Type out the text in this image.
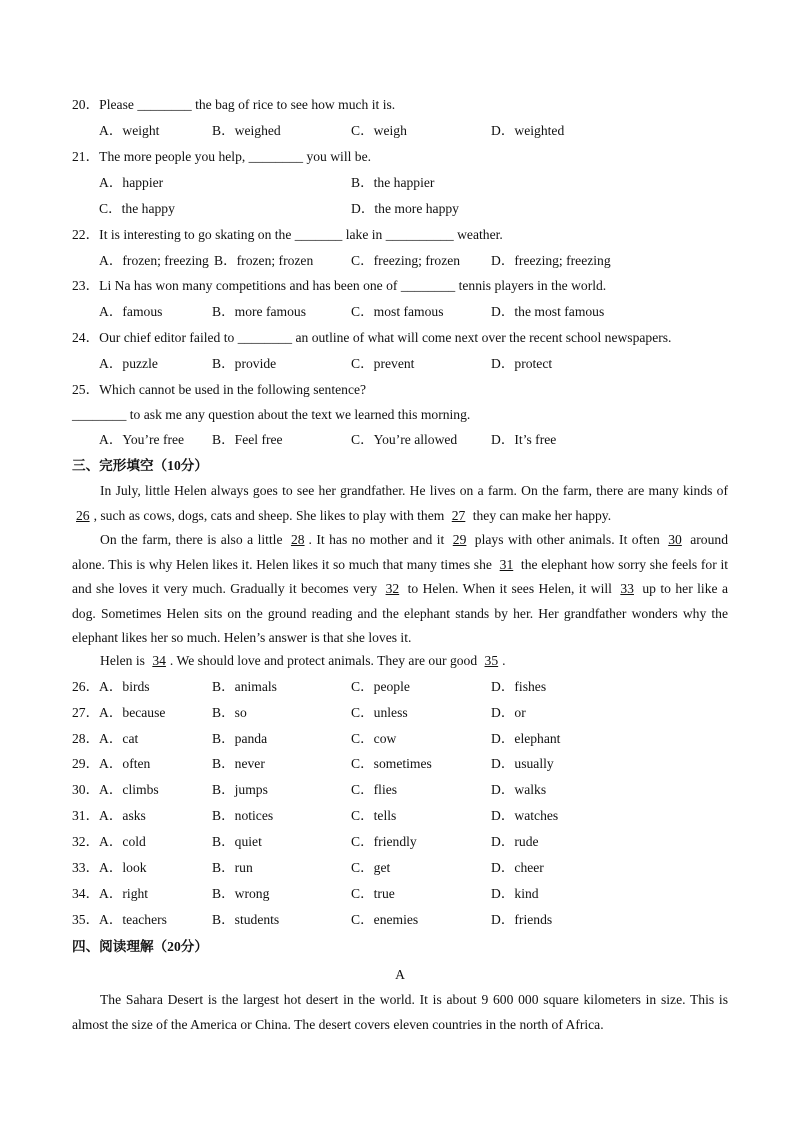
20．Please ________ the bag of rice to see how much it is.
A．weight	B．weighed	C．weigh	D．weighted
21．The more people you help, ________ you will be.
A．happier	B．the happier
C．the happy	D．the more happy
22．It is interesting to go skating on the _______ lake in __________ weather.
A．frozen; freezing B．frozen; frozen	C．freezing; frozen D．freezing; freezing
23．Li Na has won many competitions and has been one of ________ tennis players in the world.
A．famous	B．more famous	C．most famous	D．the most famous
24．Our chief editor failed to ________ an outline of what will come next over the recent school newspapers.
A．puzzle	B．provide	C．prevent	D．protect
25．Which cannot be used in the following sentence?
________ to ask me any question about the text we learned this morning.
A．You’re free B．Feel free	C．You’re allowed D．It’s free
三、完形填空（10分）
In July, little Helen always goes to see her grandfather. He lives on a farm. On the farm, there are many kinds of 26 , such as cows, dogs, cats and sheep. She likes to play with them 27 they can make her happy.
On the farm, there is also a little 28 . It has no mother and it 29 plays with other animals. It often 30 around alone. This is why Helen likes it. Helen likes it so much that many times she 31 the elephant how sorry she feels for it and she loves it very much. Gradually it becomes very 32 to Helen. When it sees Helen, it will 33 up to her like a dog. Sometimes Helen sits on the ground reading and the elephant stands by her. Her grandfather wonders why the elephant likes her so much. Helen’s answer is that she loves it.
Helen is 34 . We should love and protect animals. They are our good 35 .
26． A．birds	B．animals	C．people	D．fishes
27． A．because	B．so	C．unless	D．or
28． A．cat	B．panda	C．cow	D．elephant
29． A．often	B．never	C．sometimes	D．usually
30． A．climbs	B．jumps	C．flies	D．walks
31． A．asks	B．notices	C．tells	D．watches
32． A．cold	B．quiet	C．friendly	D．rude
33． A．look	B．run	C．get	D．cheer
34． A．right	B．wrong	C．true	D．kind
35． A．teachers	B．students	C．enemies	D．friends
四、阅读理解（20分）
A
The Sahara Desert is the largest hot desert in the world. It is about 9 600 000 square kilometers in size. This is almost the size of the America or China. The desert covers eleven countries in the north of Africa.
